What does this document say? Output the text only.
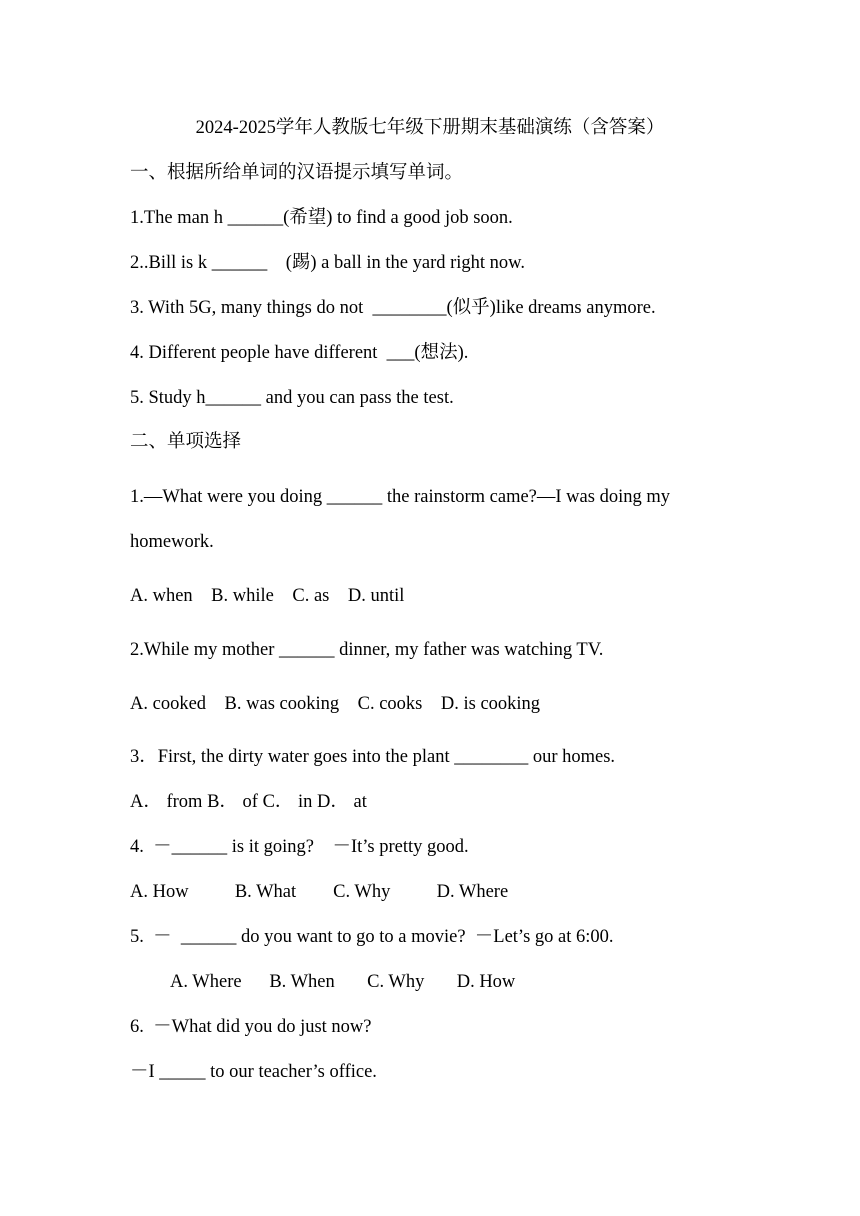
2024-2025学年人教版七年级下册期末基础演练（含答案）
一、根据所给单词的汉语提示填写单词。
1.The man h ______(希望) to find a good job soon.
2..Bill is k ______    (踢) a ball in the yard right now.
3. With 5G, many things do not  ________(似乎)like dreams anymore.
4. Different people have different  ___(想法).
5. Study h______ and you can pass the test.
二、单项选择
1.—What were you doing ______ the rainstorm came?—I was doing my
homework.
A. when    B. while    C. as    D. until
2.While my mother ______ dinner, my father was watching TV.
A. cooked    B. was cooking    C. cooks    D. is cooking
3．First, the dirty water goes into the plant ________ our homes.
A． from B． of C． in D． at
4.  －______ is it going?    －It’s pretty good.
A. How          B. What        C. Why          D. Where
5.  －  ______ do you want to go to a movie?  －Let’s go at 6:00.
A. Where      B. When       C. Why       D. How
6.  －What did you do just now?
－I _____ to our teacher’s office.
